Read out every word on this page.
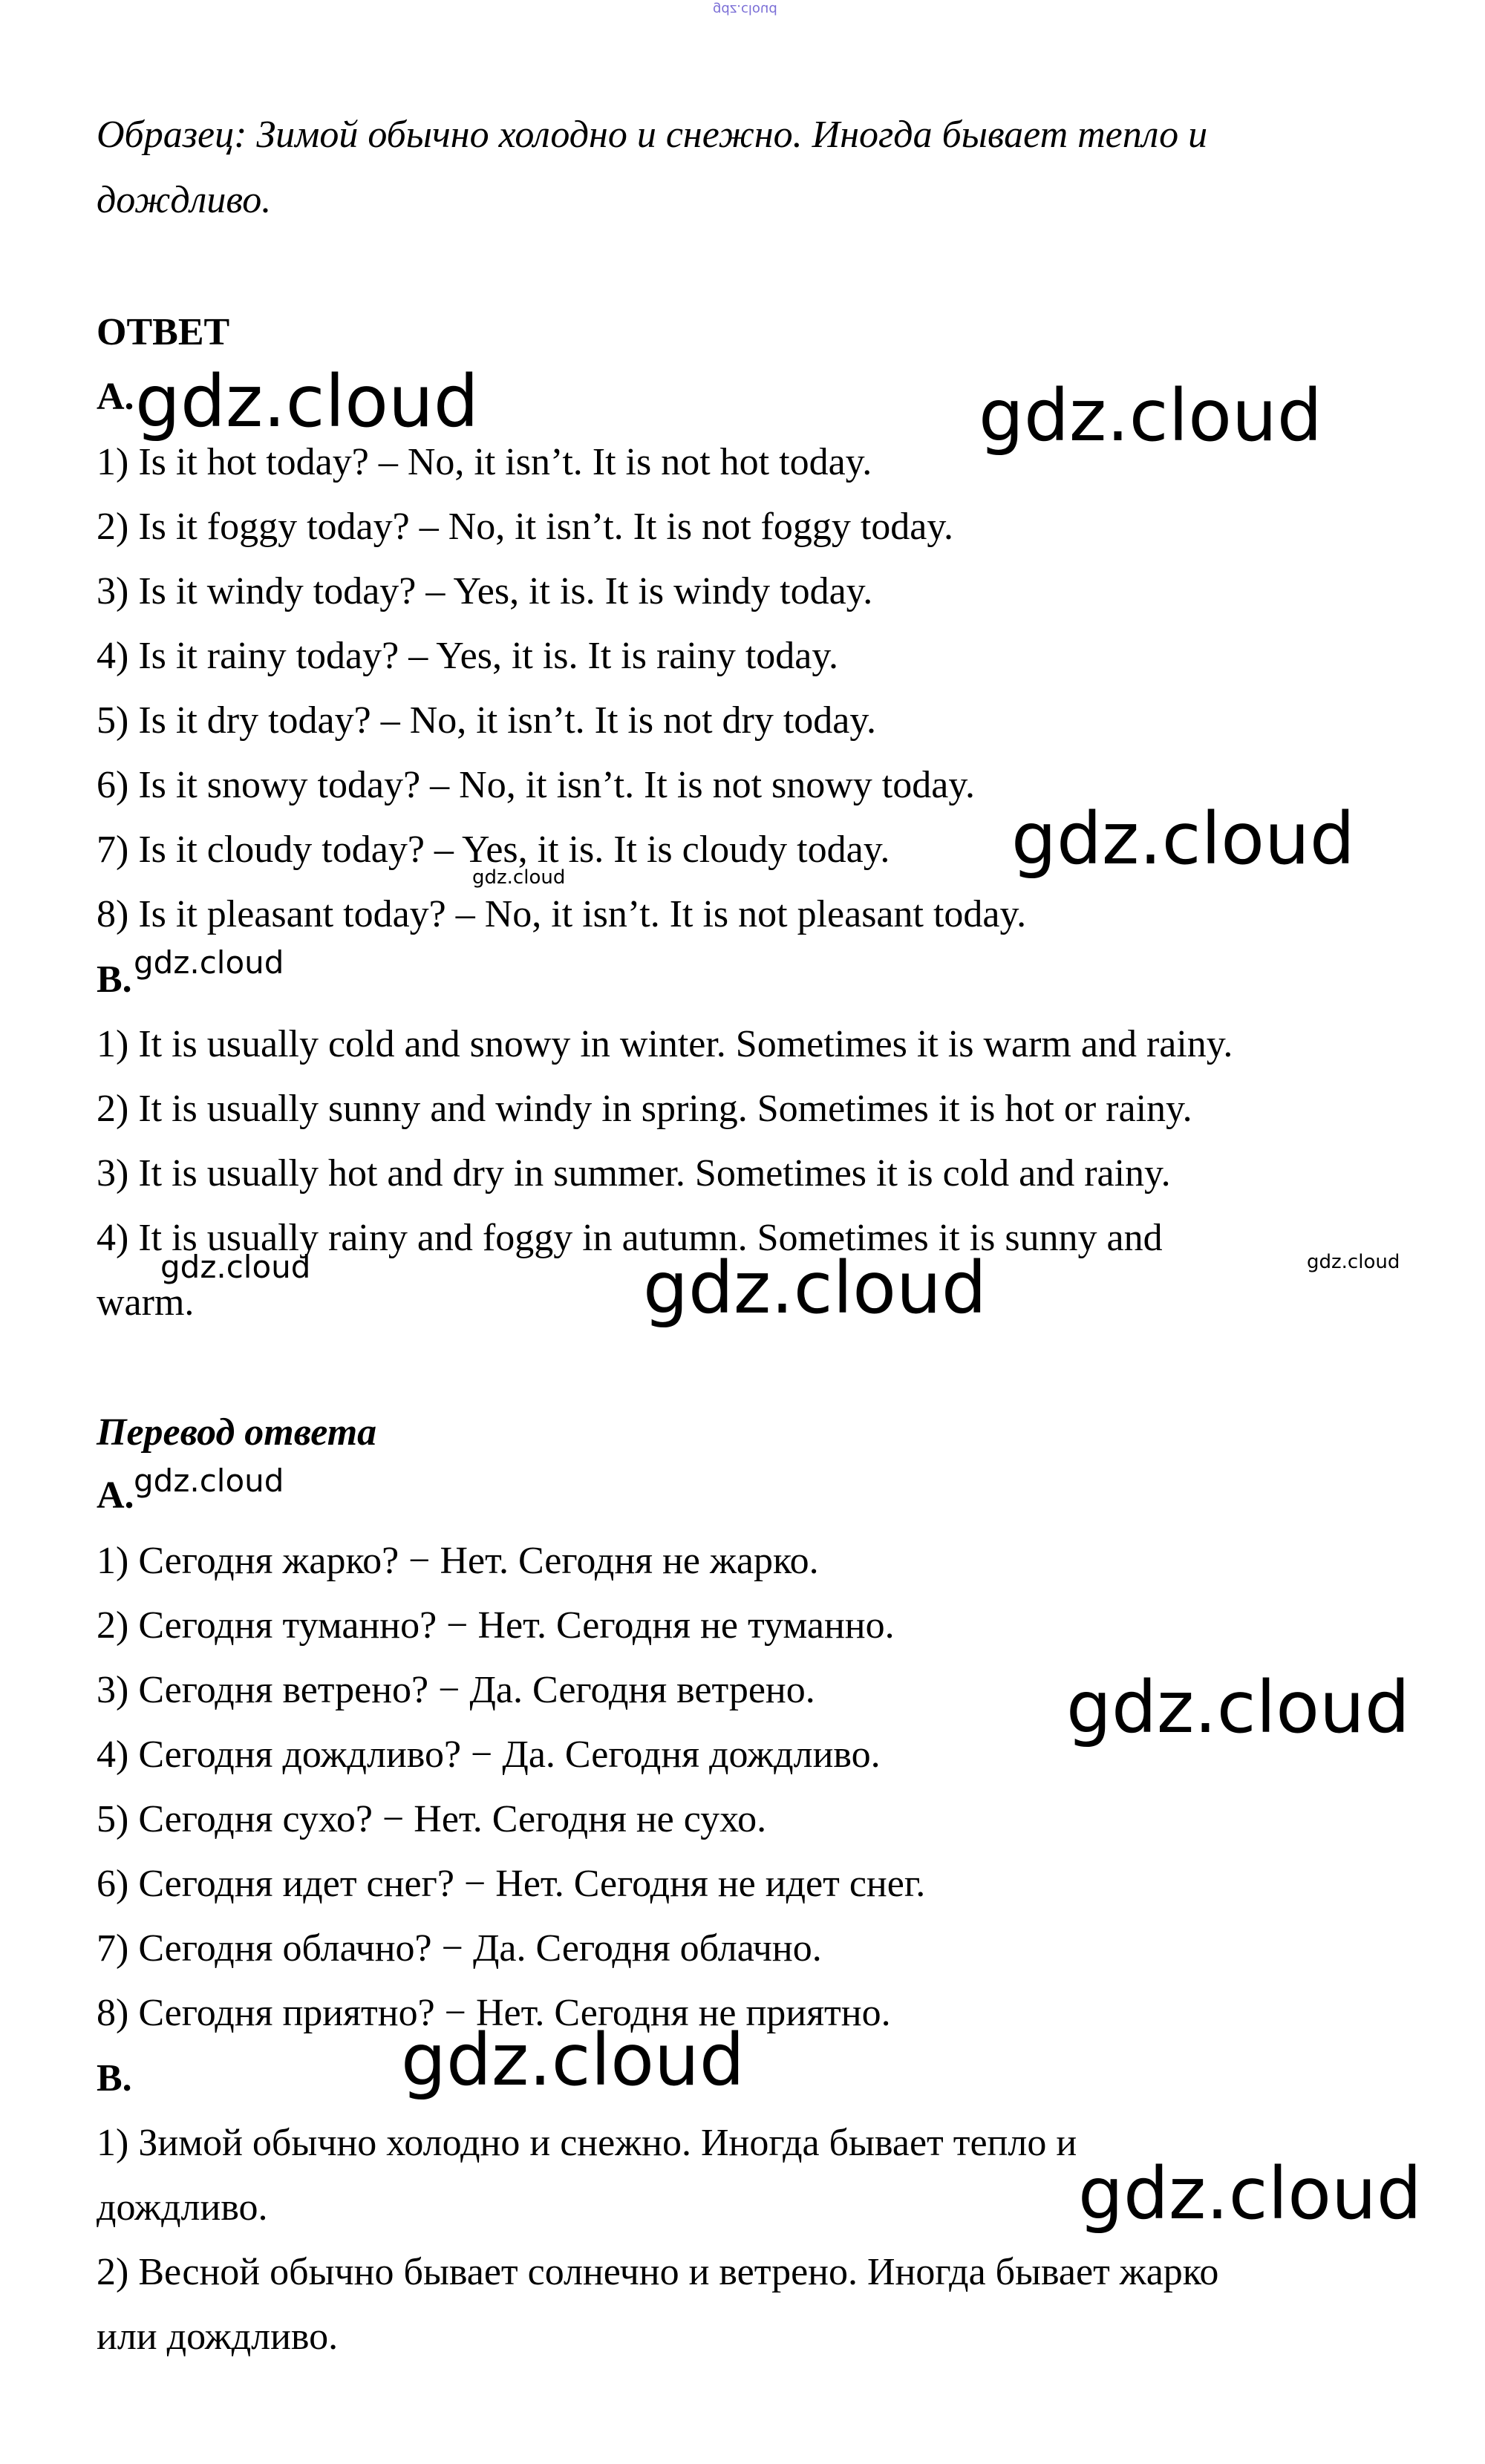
gdz.cloud
Образец: Зимой обычно холодно и снежно. Иногда бывает тепло и
дождливо.
ОТВЕТ
A.
1) Is it hot today? – No, it isn’t. It is not hot today.
2) Is it foggy today? – No, it isn’t. It is not foggy today.
3) Is it windy today? – Yes, it is. It is windy today.
4) Is it rainy today? – Yes, it is. It is rainy today.
5) Is it dry today? – No, it isn’t. It is not dry today.
6) Is it snowy today? – No, it isn’t. It is not snowy today.
7) Is it cloudy today? – Yes, it is. It is cloudy today.
8) Is it pleasant today? – No, it isn’t. It is not pleasant today.
B.
1) It is usually cold and snowy in winter. Sometimes it is warm and rainy.
2) It is usually sunny and windy in spring. Sometimes it is hot or rainy.
3) It is usually hot and dry in summer. Sometimes it is cold and rainy.
4) It is usually rainy and foggy in autumn. Sometimes it is sunny and
warm.
Перевод ответа
A.
1) Сегодня жарко? − Нет. Сегодня не жарко.
2) Сегодня туманно? − Нет. Сегодня не туманно.
3) Сегодня ветрено? − Да. Сегодня ветрено.
4) Сегодня дождливо? − Да. Сегодня дождливо.
5) Сегодня сухо? − Нет. Сегодня не сухо.
6) Сегодня идет снег? − Нет. Сегодня не идет снег.
7) Сегодня облачно? − Да. Сегодня облачно.
8) Сегодня приятно? − Нет. Сегодня не приятно.
B.
1) Зимой обычно холодно и снежно. Иногда бывает тепло и
дождливо.
2) Весной обычно бывает солнечно и ветрено. Иногда бывает жарко
или дождливо.
gdz.cloud	gdz.cloud
gdz.cloud
gdz.cloud
gdz.cloud
gdz.cloud	gdz.cloud
gdz.cloud
gdz.cloud
gdz.cloud
gdz.cloud
gdz.cloud
